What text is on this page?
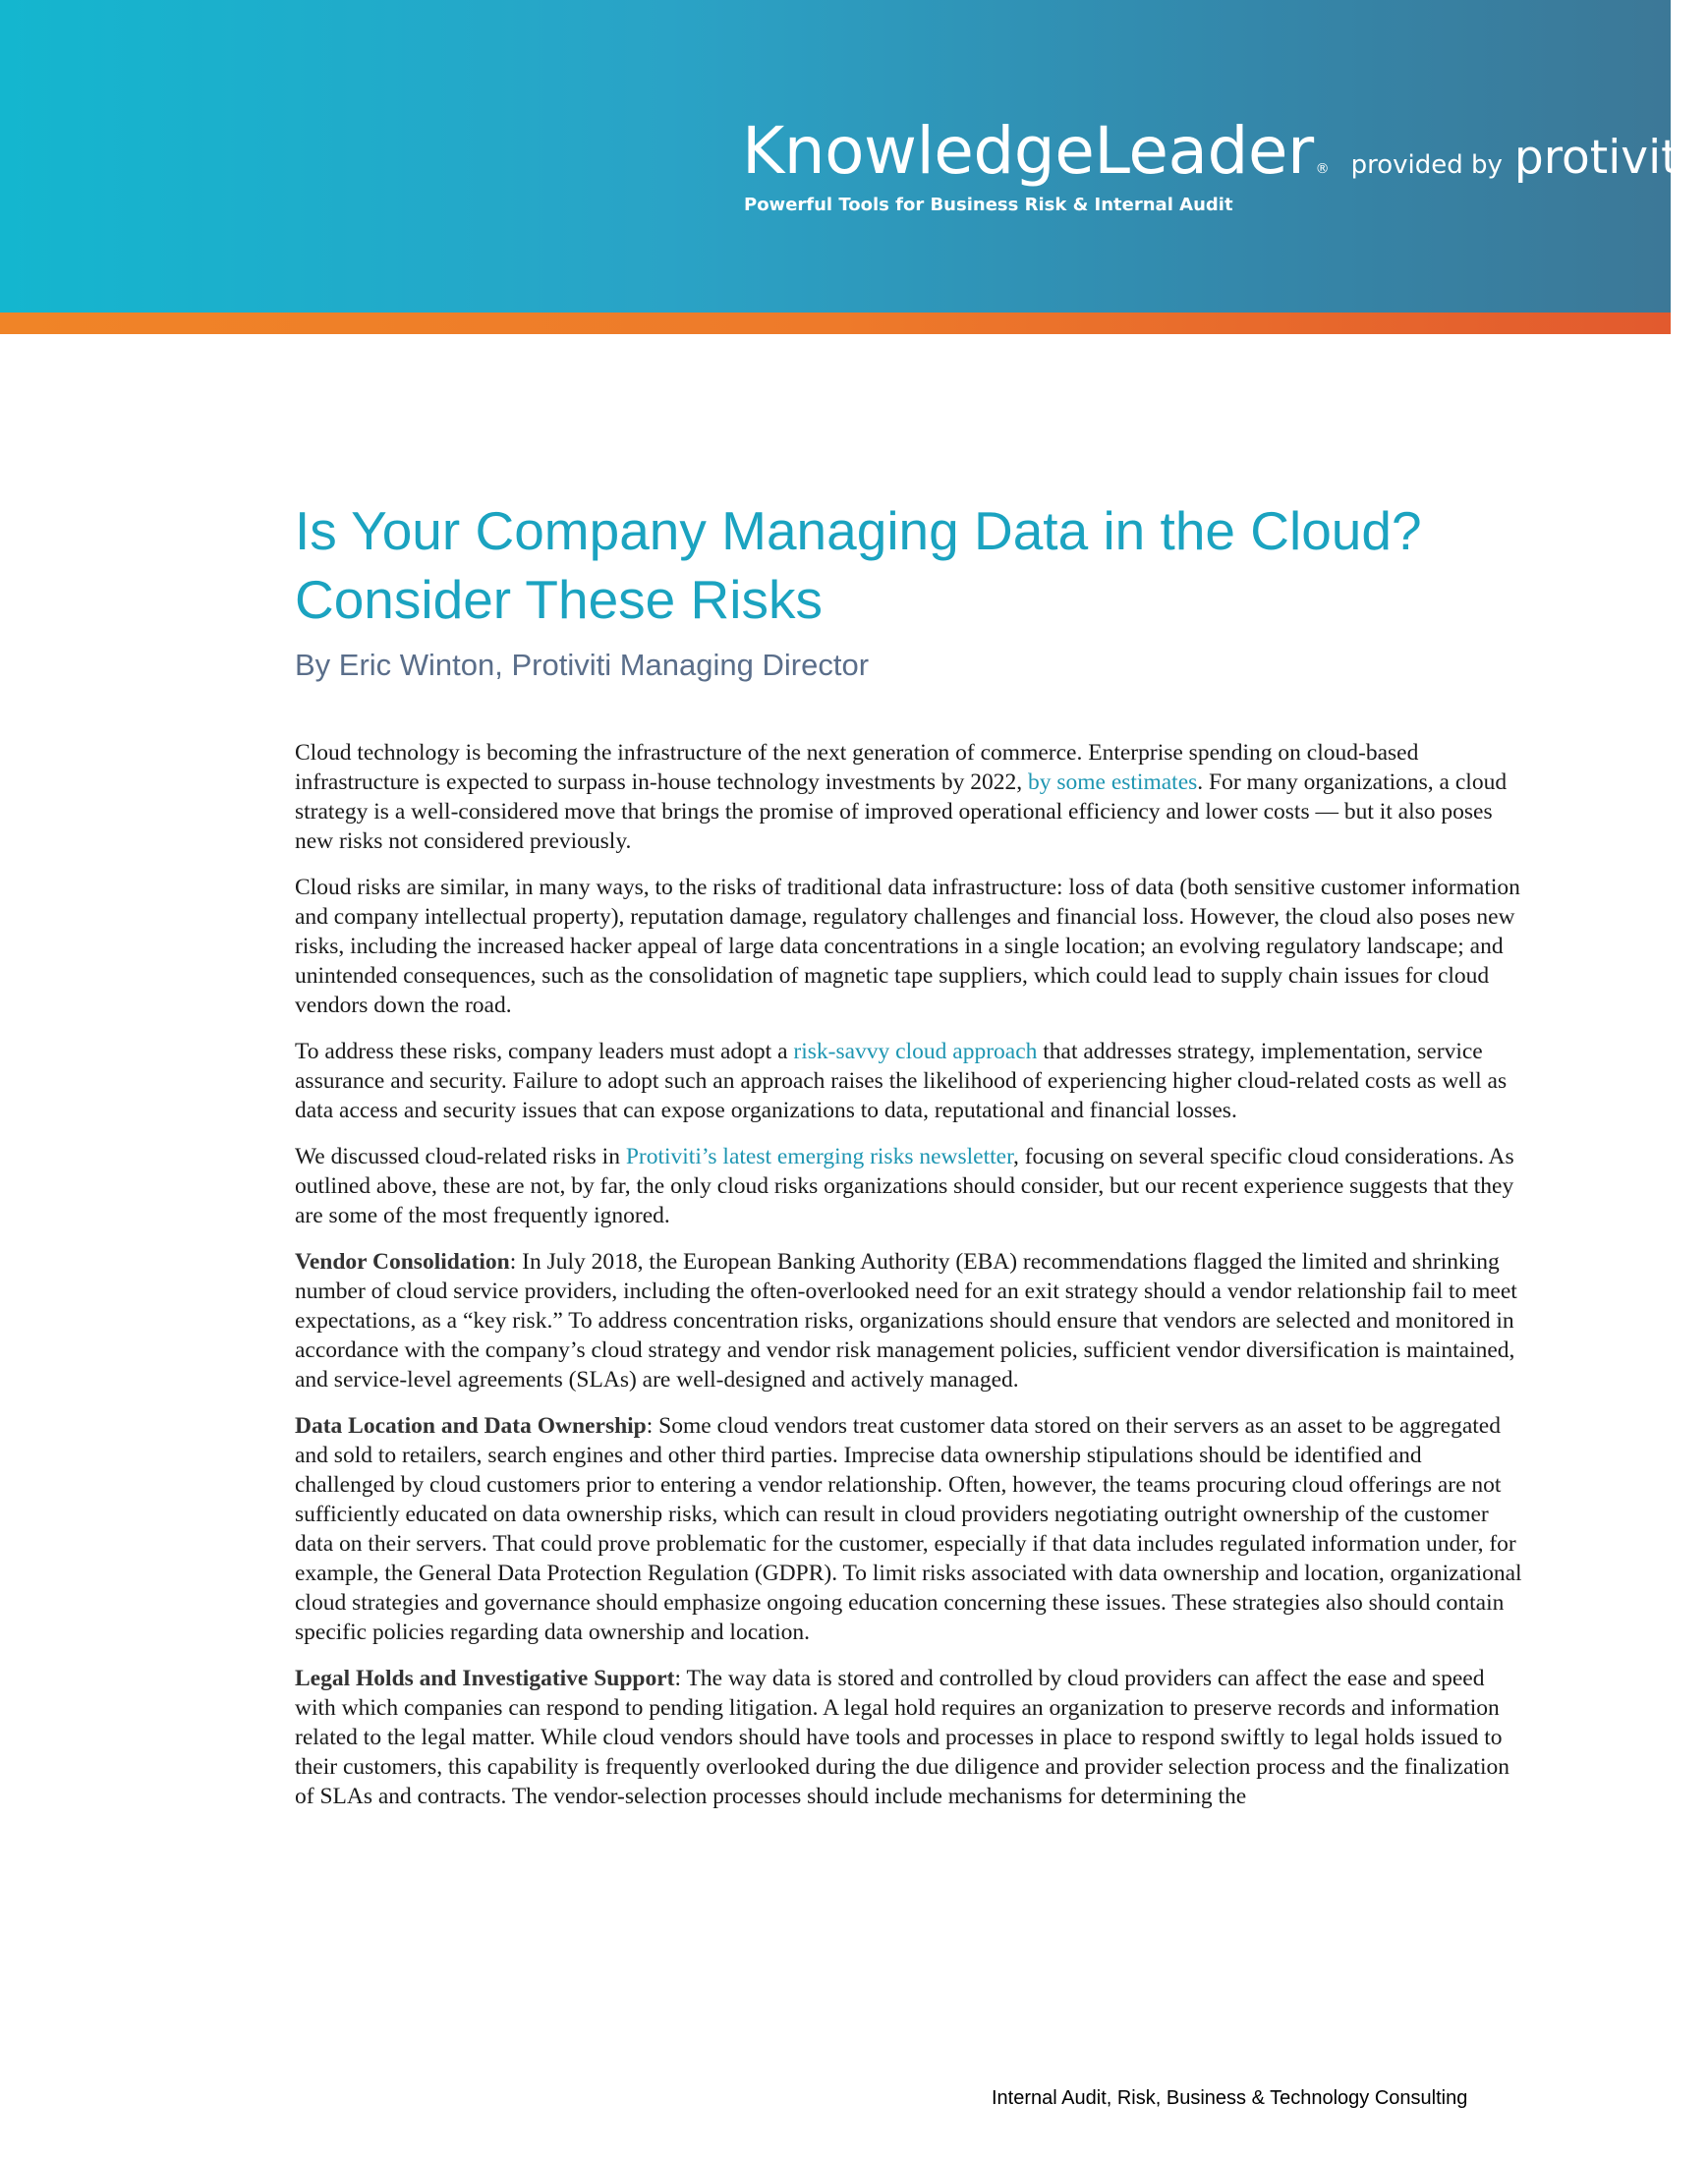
KnowledgeLeader ® provided by protiviti ®
Powerful Tools for Business Risk & Internal Audit
Is Your Company Managing Data in the Cloud? Consider These Risks
By Eric Winton, Protiviti Managing Director

Cloud technology is becoming the infrastructure of the next generation of commerce. Enterprise spending on cloud-based infrastructure is expected to surpass in-house technology investments by 2022, by some estimates. For many organizations, a cloud strategy is a well-considered move that brings the promise of improved operational efficiency and lower costs — but it also poses new risks not considered previously.

Cloud risks are similar, in many ways, to the risks of traditional data infrastructure: loss of data (both sensitive customer information and company intellectual property), reputation damage, regulatory challenges and financial loss. However, the cloud also poses new risks, including the increased hacker appeal of large data concentrations in a single location; an evolving regulatory landscape; and unintended consequences, such as the consolidation of magnetic tape suppliers, which could lead to supply chain issues for cloud vendors down the road.

To address these risks, company leaders must adopt a risk-savvy cloud approach that addresses strategy, implementation, service assurance and security. Failure to adopt such an approach raises the likelihood of experiencing higher cloud-related costs as well as data access and security issues that can expose organizations to data, reputational and financial losses.

We discussed cloud-related risks in Protiviti’s latest emerging risks newsletter, focusing on several specific cloud considerations. As outlined above, these are not, by far, the only cloud risks organizations should consider, but our recent experience suggests that they are some of the most frequently ignored.

Vendor Consolidation: In July 2018, the European Banking Authority (EBA) recommendations flagged the limited and shrinking number of cloud service providers, including the often-overlooked need for an exit strategy should a vendor relationship fail to meet expectations, as a “key risk.” To address concentration risks, organizations should ensure that vendors are selected and monitored in accordance with the company’s cloud strategy and vendor risk management policies, sufficient vendor diversification is maintained, and service-level agreements (SLAs) are well-designed and actively managed.

Data Location and Data Ownership: Some cloud vendors treat customer data stored on their servers as an asset to be aggregated and sold to retailers, search engines and other third parties. Imprecise data ownership stipulations should be identified and challenged by cloud customers prior to entering a vendor relationship. Often, however, the teams procuring cloud offerings are not sufficiently educated on data ownership risks, which can result in cloud providers negotiating outright ownership of the customer data on their servers. That could prove problematic for the customer, especially if that data includes regulated information under, for example, the General Data Protection Regulation (GDPR). To limit risks associated with data ownership and location, organizational cloud strategies and governance should emphasize ongoing education concerning these issues. These strategies also should contain specific policies regarding data ownership and location.

Legal Holds and Investigative Support: The way data is stored and controlled by cloud providers can affect the ease and speed with which companies can respond to pending litigation. A legal hold requires an organization to preserve records and information related to the legal matter. While cloud vendors should have tools and processes in place to respond swiftly to legal holds issued to their customers, this capability is frequently overlooked during the due diligence and provider selection process and the finalization of SLAs and contracts. The vendor-selection processes should include mechanisms for determining the

Internal Audit, Risk, Business & Technology Consulting
